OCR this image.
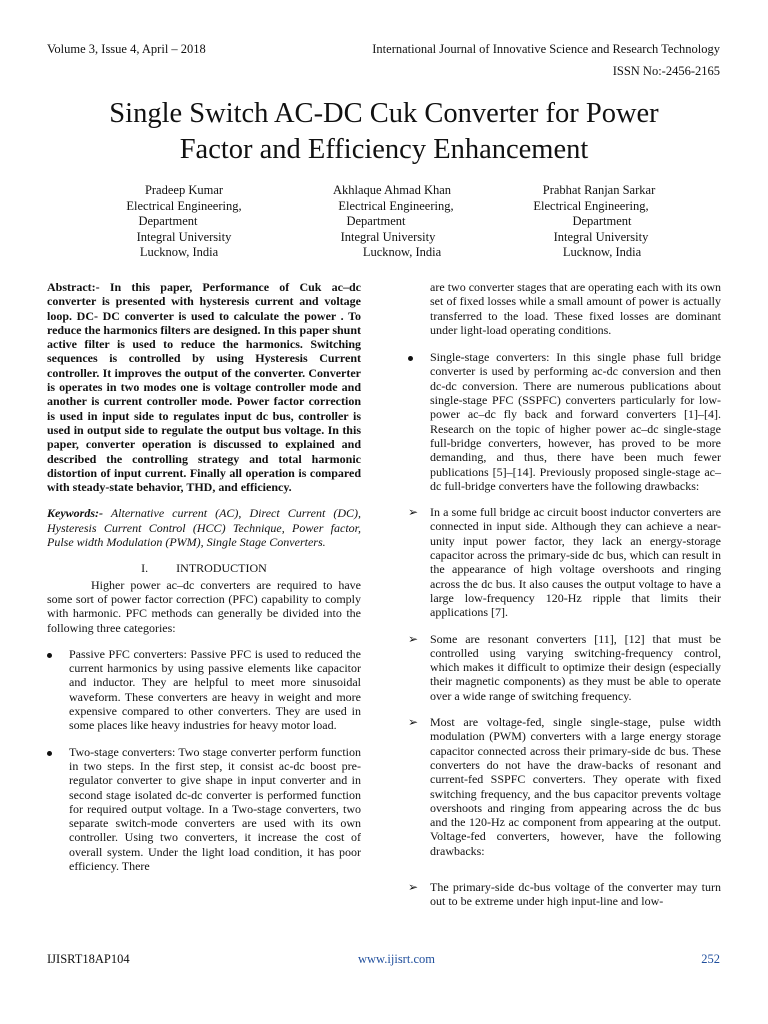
Volume 3, Issue 4, April – 2018	International Journal of Innovative Science and Research Technology
ISSN No:-2456-2165
Single Switch AC-DC Cuk Converter for Power
Factor and Efficiency Enhancement
Pradeep Kumar
Electrical Engineering,
Department
Integral University
Lucknow, India
Akhlaque Ahmad Khan
Electrical Engineering,
Department
Integral University
Lucknow, India
Prabhat Ranjan Sarkar
Electrical Engineering,
Department
Integral University
Lucknow, India

Abstract:- In this paper, Performance of Cuk ac–dc converter is presented with hysteresis current and voltage loop. DC- DC converter is used to calculate the power . To reduce the harmonics filters are designed. In this paper shunt active filter is used to reduce the harmonics. Switching sequences is controlled by using Hysteresis Current controller. It improves the output of the converter. Converter is operates in two modes one is voltage controller mode and another is current controller mode. Power factor correction is used in input side to regulates input dc bus, controller is used in output side to regulate the output bus voltage. In this paper, converter operation is discussed to explained and described the controlling strategy and total harmonic distortion of input current. Finally all operation is compared with steady-state behavior, THD, and efficiency.

Keywords:- Alternative current (AC), Direct Current (DC), Hysteresis Current Control (HCC) Technique, Power factor, Pulse width Modulation (PWM), Single Stage Converters.

I. INTRODUCTION

Higher power ac–dc converters are required to have some sort of power factor correction (PFC) capability to comply with harmonic. PFC methods can generally be divided into the following three categories:

Passive PFC converters: Passive PFC is used to reduced the current harmonics by using passive elements like capacitor and inductor. They are helpful to meet more sinusoidal waveform. These converters are heavy in weight and more expensive compared to other converters. They are used in some places like heavy industries for heavy motor load.
Two-stage converters: Two stage converter perform function in two steps. In the first step, it consist ac-dc boost pre-regulator converter to give shape in input converter and in second stage isolated dc-dc converter is performed function for required output voltage. In a Two-stage converters, two separate switch-mode converters are used with its own controller. Using two converters, it increase the cost of overall system. Under the light load condition, it has poor efficiency. There

are two converter stages that are operating each with its own set of fixed losses while a small amount of power is actually transferred to the load. These fixed losses are dominant under light-load operating conditions.

Single-stage converters: In this single phase full bridge converter is used by performing ac-dc conversion and then dc-dc conversion. There are numerous publications about single-stage PFC (SSPFC) converters particularly for low-power ac–dc fly back and forward converters [1]–[4]. Research on the topic of higher power ac–dc single-stage full-bridge converters, however, has proved to be more demanding, and thus, there have been much fewer publications [5]–[14]. Previously proposed single-stage ac–dc full-bridge converters have the following drawbacks:
➢ In a some full bridge ac circuit boost inductor converters are connected in input side. Although they can achieve a near-unity input power factor, they lack an energy-storage capacitor across the primary-side dc bus, which can result in the appearance of high voltage overshoots and ringing across the dc bus. It also causes the output voltage to have a large low-frequency 120-Hz ripple that limits their applications [7].
➢ Some are resonant converters [11], [12] that must be controlled using varying switching-frequency control, which makes it difficult to optimize their design (especially their magnetic components) as they must be able to operate over a wide range of switching frequency.
➢ Most are voltage-fed, single single-stage, pulse width modulation (PWM) converters with a large energy storage capacitor connected across their primary-side dc bus. These converters do not have the draw-backs of resonant and current-fed SSPFC converters. They operate with fixed switching frequency, and the bus capacitor prevents voltage overshoots and ringing from appearing across the dc bus and the 120-Hz ac component from appearing at the output. Voltage-fed converters, however, have the following drawbacks:
➢ The primary-side dc-bus voltage of the converter may turn out to be extreme under high input-line and low-
IJISRT18AP104	www.ijisrt.com	252
